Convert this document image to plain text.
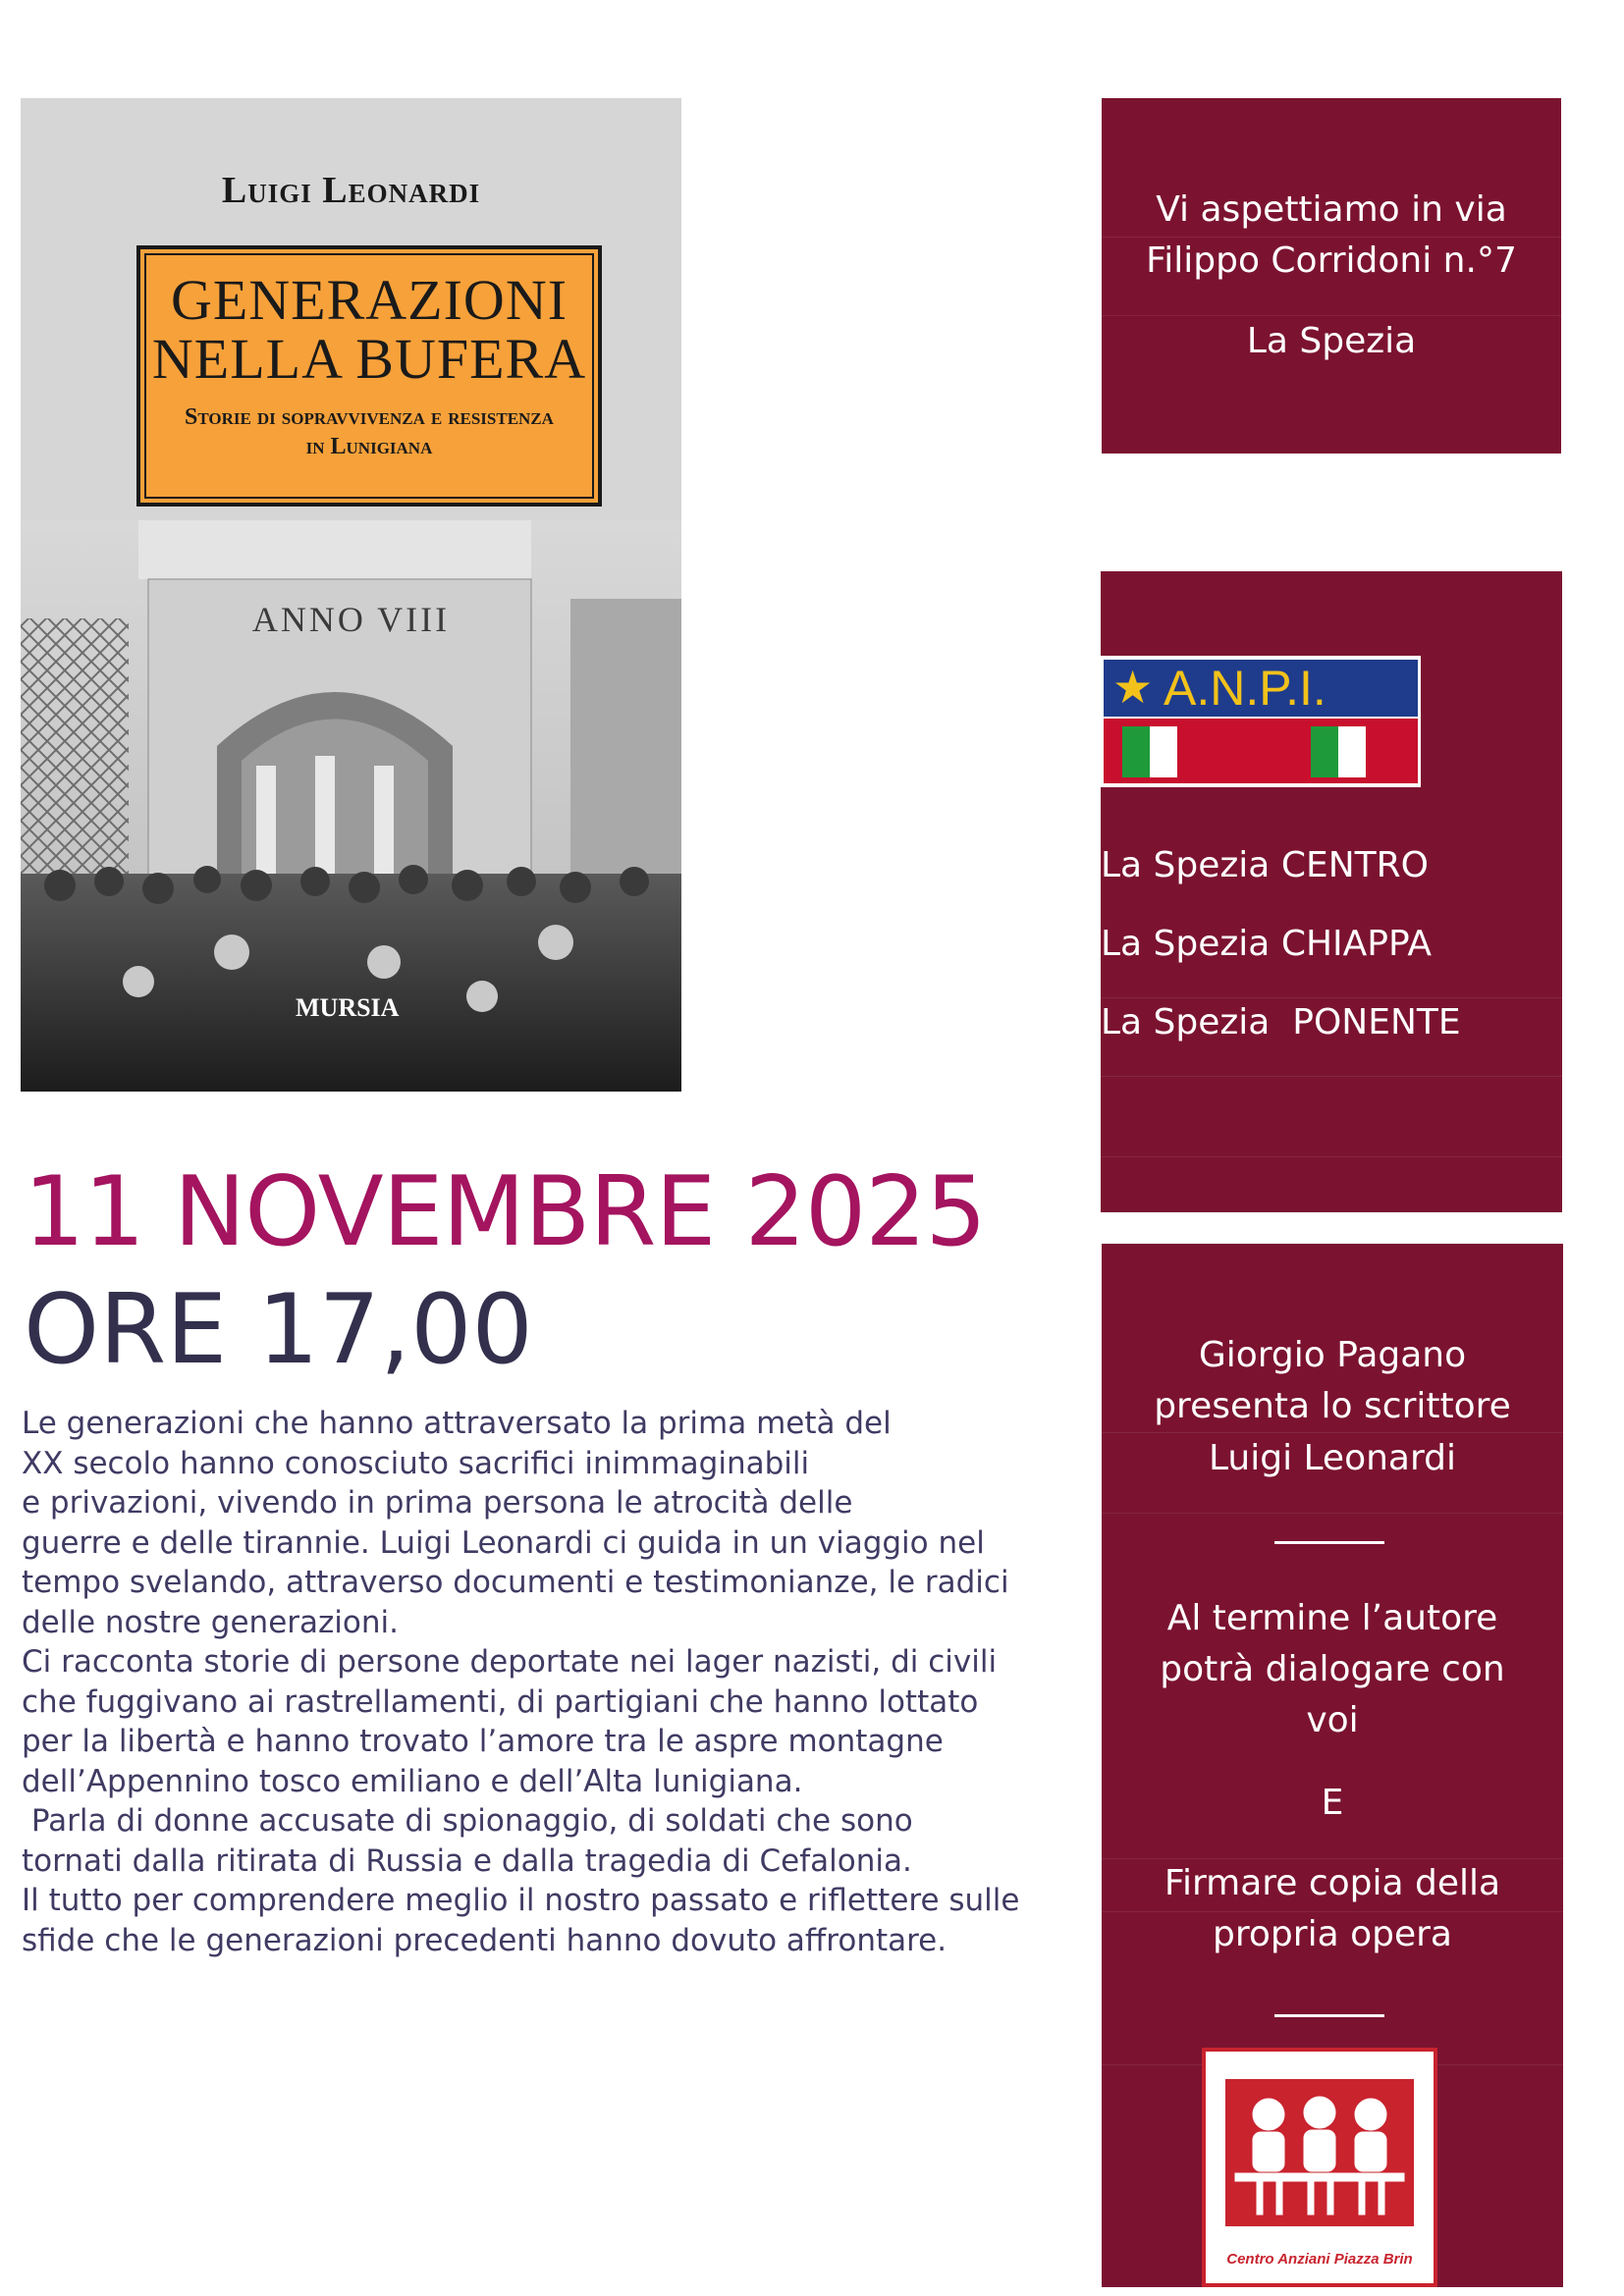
Luigi Leonardi
GENERAZIONI
NELLA BUFERA
Storie di sopravvivenza e resistenza
in Lunigiana
ANNO VIII
MURSIA
Vi aspettiamo in via
Filippo Corridoni n.°7
La Spezia
★ A.N.P.I.
La Spezia CENTRO
La Spezia CHIAPPA
La Spezia  PONENTE
11 NOVEMBRE 2025
ORE 17,00
Le generazioni che hanno attraversato la prima metà del
XX secolo hanno conosciuto sacrifici inimmaginabili
e privazioni, vivendo in prima persona le atrocità delle
guerre e delle tirannie. Luigi Leonardi ci guida in un viaggio nel
tempo svelando, attraverso documenti e testimonianze, le radici
delle nostre generazioni.
Ci racconta storie di persone deportate nei lager nazisti, di civili
che fuggivano ai rastrellamenti, di partigiani che hanno lottato
per la libertà e hanno trovato l’amore tra le aspre montagne
dell’Appennino tosco emiliano e dell’Alta lunigiana.
Parla di donne accusate di spionaggio, di soldati che sono
tornati dalla ritirata di Russia e dalla tragedia di Cefalonia.
Il tutto per comprendere meglio il nostro passato e riflettere sulle
sfide che le generazioni precedenti hanno dovuto affrontare.
Giorgio Pagano
presenta lo scrittore
Luigi Leonardi
Al termine l’autore
potrà dialogare con
voi
E
Firmare copia della
propria opera
Centro Anziani Piazza Brin
